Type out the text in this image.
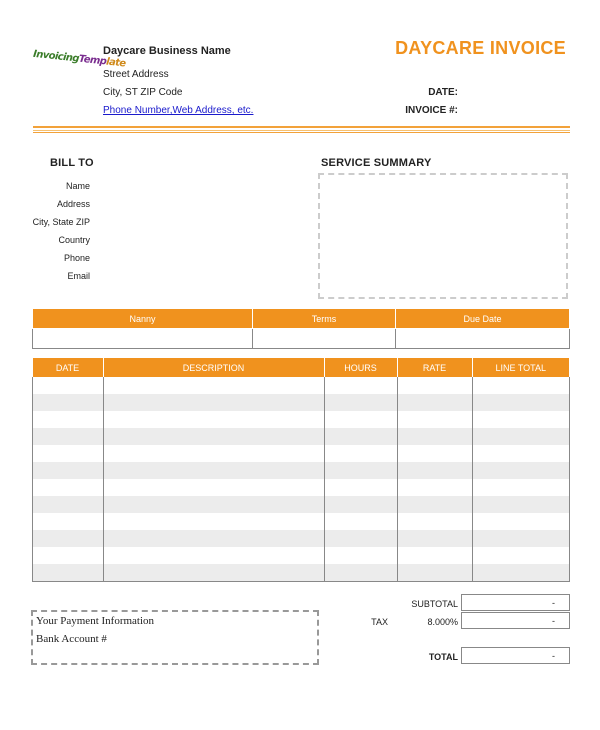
InvoicingTemplate
Daycare Business Name
Street Address
City, ST ZIP Code
Phone Number,Web Address, etc.
DAYCARE INVOICE
DATE:
INVOICE #:
BILL TO
Name
Address
City, State ZIP
Country
Phone
Email
SERVICE SUMMARY
Nanny	Terms	Due Date

DATE	DESCRIPTION	HOURS	RATE	LINE TOTAL

Your Payment Information
Bank Account #
SUBTOTAL	-
TAX	8.000%	-
TOTAL	-
